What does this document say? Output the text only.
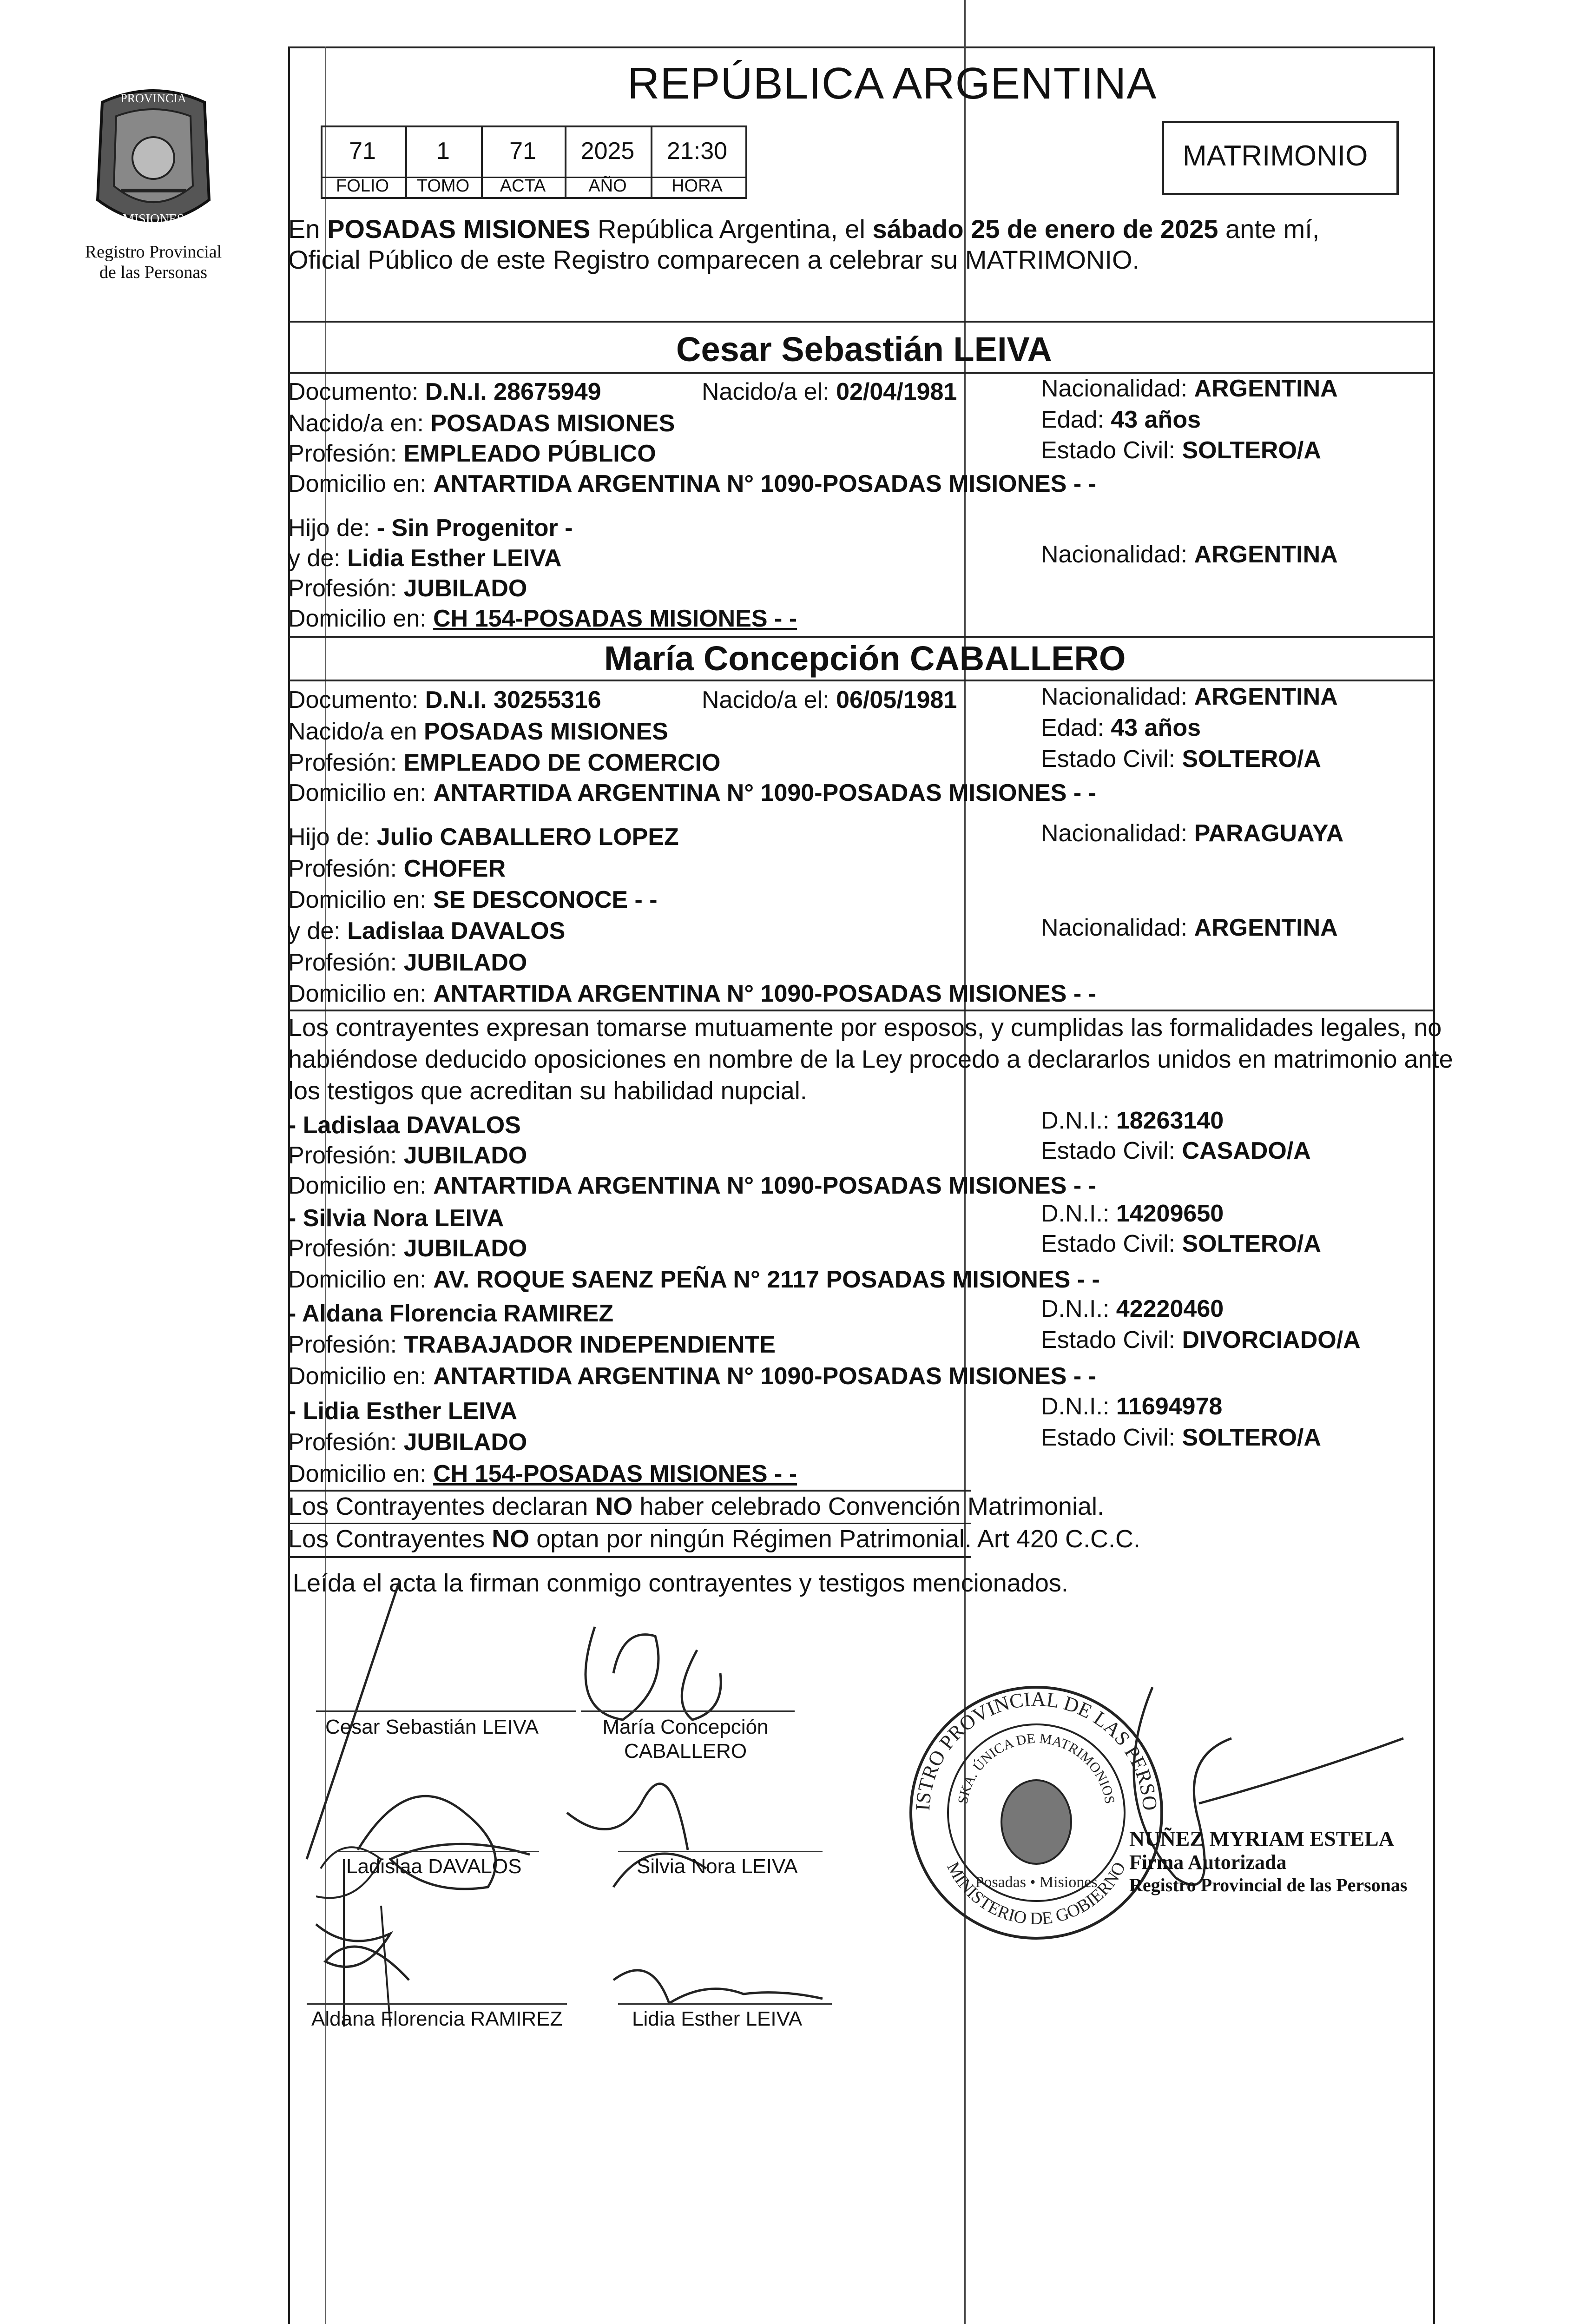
PROVINCIA
MISIONES
Registro Provincial
de las Personas
REPÚBLICA ARGENTINA
71	1	71	2025	21:30
FOLIO	TOMO	ACTA	AÑO	HORA
MATRIMONIO
En POSADAS MISIONES República Argentina, el sábado 25 de enero de 2025 ante mí,
Oficial Público de este Registro comparecen a celebrar su MATRIMONIO.
Cesar Sebastián LEIVA
Documento: D.N.I. 28675949	Nacido/a el: 02/04/1981	Nacionalidad: ARGENTINA
Nacido/a en: POSADAS MISIONES	Edad: 43 años
Profesión: EMPLEADO PÚBLICO	Estado Civil: SOLTERO/A
Domicilio en: ANTARTIDA ARGENTINA N° 1090-POSADAS MISIONES - -
Hijo de: - Sin Progenitor -
y de: Lidia Esther LEIVA	Nacionalidad: ARGENTINA
Profesión: JUBILADO
Domicilio en: CH 154-POSADAS MISIONES - -
María Concepción CABALLERO
Documento: D.N.I. 30255316	Nacido/a el: 06/05/1981	Nacionalidad: ARGENTINA
Nacido/a en POSADAS MISIONES	Edad: 43 años
Profesión: EMPLEADO DE COMERCIO	Estado Civil: SOLTERO/A
Domicilio en: ANTARTIDA ARGENTINA N° 1090-POSADAS MISIONES - -
Hijo de: Julio CABALLERO LOPEZ	Nacionalidad: PARAGUAYA
Profesión: CHOFER
Domicilio en: SE DESCONOCE - -
y de: Ladislaa DAVALOS	Nacionalidad: ARGENTINA
Profesión: JUBILADO
Domicilio en: ANTARTIDA ARGENTINA N° 1090-POSADAS MISIONES - -
Los contrayentes expresan tomarse mutuamente por esposos, y cumplidas las formalidades legales, no
habiéndose deducido oposiciones en nombre de la Ley procedo a declararlos unidos en matrimonio ante
los testigos que acreditan su habilidad nupcial.
- Ladislaa DAVALOS	D.N.I.: 18263140
Profesión: JUBILADO	Estado Civil: CASADO/A
Domicilio en: ANTARTIDA ARGENTINA N° 1090-POSADAS MISIONES - -
- Silvia Nora LEIVA	D.N.I.: 14209650
Profesión: JUBILADO	Estado Civil: SOLTERO/A
Domicilio en: AV. ROQUE SAENZ PEÑA N° 2117 POSADAS MISIONES - -
- Aldana Florencia RAMIREZ	D.N.I.: 42220460
Profesión: TRABAJADOR INDEPENDIENTE	Estado Civil: DIVORCIADO/A
Domicilio en: ANTARTIDA ARGENTINA N° 1090-POSADAS MISIONES - -
- Lidia Esther LEIVA	D.N.I.: 11694978
Profesión: JUBILADO	Estado Civil: SOLTERO/A
Domicilio en: CH 154-POSADAS MISIONES - -
Los Contrayentes declaran NO haber celebrado Convención Matrimonial.
Los Contrayentes NO optan por ningún Régimen Patrimonial. Art 420 C.C.C.
Leída el acta la firman conmigo contrayentes y testigos mencionados.
Cesar Sebastián LEIVA	María Concepción CABALLERO
Ladislaa DAVALOS	Silvia Nora LEIVA
Aldana Florencia RAMIREZ	Lidia Esther LEIVA
ISTRO PROVINCIAL DE LAS PERSO
MINISTERIO DE GOBIERNO
SKA. ÚNICA DE MATRIMONIOS
Posadas • Misiones
NUÑEZ MYRIAM ESTELA
Firma Autorizada
Registro Provincial de las Personas
